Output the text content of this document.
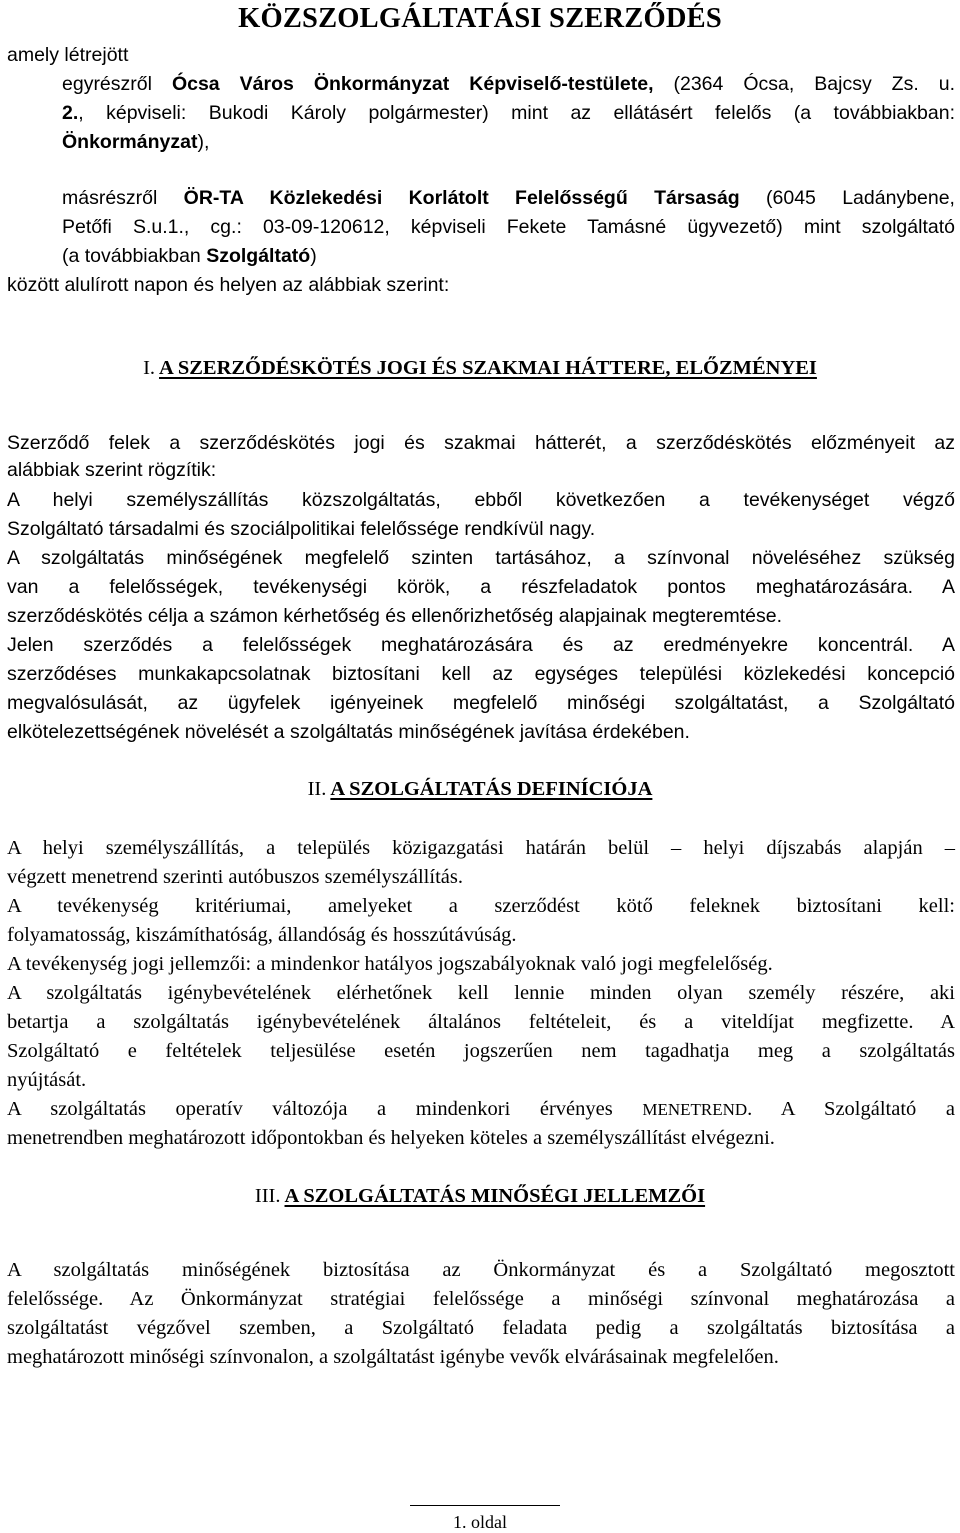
KÖZSZOLGÁLTATÁSI SZERZŐDÉS

amely létrejött

egyrészről Ócsa Város Önkormányzat Képviselő-testülete, (2364 Ócsa, Bajcsy Zs. u.

2., képviseli: Bukodi Károly polgármester) mint az ellátásért felelős (a továbbiakban:

Önkormányzat),

másrészről ÖR-TA Közlekedési Korlátolt Felelősségű Társaság (6045 Ladánybene,

Petőfi S.u.1., cg.: 03-09-120612, képviseli Fekete Tamásné ügyvezető) mint szolgáltató

(a továbbiakban Szolgáltató)

között alulírott napon és helyen az alábbiak szerint:

I. A SZERZŐDÉSKÖTÉS JOGI ÉS SZAKMAI HÁTTERE, ELŐZMÉNYEI

Szerződő felek a szerződéskötés jogi és szakmai hátterét, a szerződéskötés előzményeit az

alábbiak szerint rögzítik:

A helyi személyszállítás közszolgáltatás, ebből következően a tevékenységet végző

Szolgáltató társadalmi és szociálpolitikai felelőssége rendkívül nagy.

A szolgáltatás minőségének megfelelő szinten tartásához, a színvonal növeléséhez szükség

van a felelősségek, tevékenységi körök, a részfeladatok pontos meghatározására. A

szerződéskötés célja a számon kérhetőség és ellenőrizhetőség alapjainak megteremtése.

Jelen szerződés a felelősségek meghatározására és az eredményekre koncentrál. A

szerződéses munkakapcsolatnak biztosítani kell az egységes települési közlekedési koncepció

megvalósulását, az ügyfelek igényeinek megfelelő minőségi szolgáltatást, a Szolgáltató

elkötelezettségének növelését a szolgáltatás minőségének javítása érdekében.

II. A SZOLGÁLTATÁS DEFINÍCIÓJA

A helyi személyszállítás, a település közigazgatási határán belül – helyi díjszabás alapján –

végzett menetrend szerinti autóbuszos személyszállítás.

A tevékenység kritériumai, amelyeket a szerződést kötő feleknek biztosítani kell:

folyamatosság, kiszámíthatóság, állandóság és hosszútávúság.

A tevékenység jogi jellemzői: a mindenkor hatályos jogszabályoknak való jogi megfelelőség.

A szolgáltatás igénybevételének elérhetőnek kell lennie minden olyan személy részére, aki

betartja a szolgáltatás igénybevételének általános feltételeit, és a viteldíjat megfizette. A

Szolgáltató e feltételek teljesülése esetén jogszerűen nem tagadhatja meg a szolgáltatás

nyújtását.

A szolgáltatás operatív változója a mindenkori érvényes MENETREND. A Szolgáltató a

menetrendben meghatározott időpontokban és helyeken köteles a személyszállítást elvégezni.

III. A SZOLGÁLTATÁS MINŐSÉGI JELLEMZŐI

A szolgáltatás minőségének biztosítása az Önkormányzat és a Szolgáltató megosztott

felelőssége. Az Önkormányzat stratégiai felelőssége a minőségi színvonal meghatározása a

szolgáltatást végzővel szemben, a Szolgáltató feladata pedig a szolgáltatás biztosítása a

meghatározott minőségi színvonalon, a szolgáltatást igénybe vevők elvárásainak megfelelően.

1. oldal
